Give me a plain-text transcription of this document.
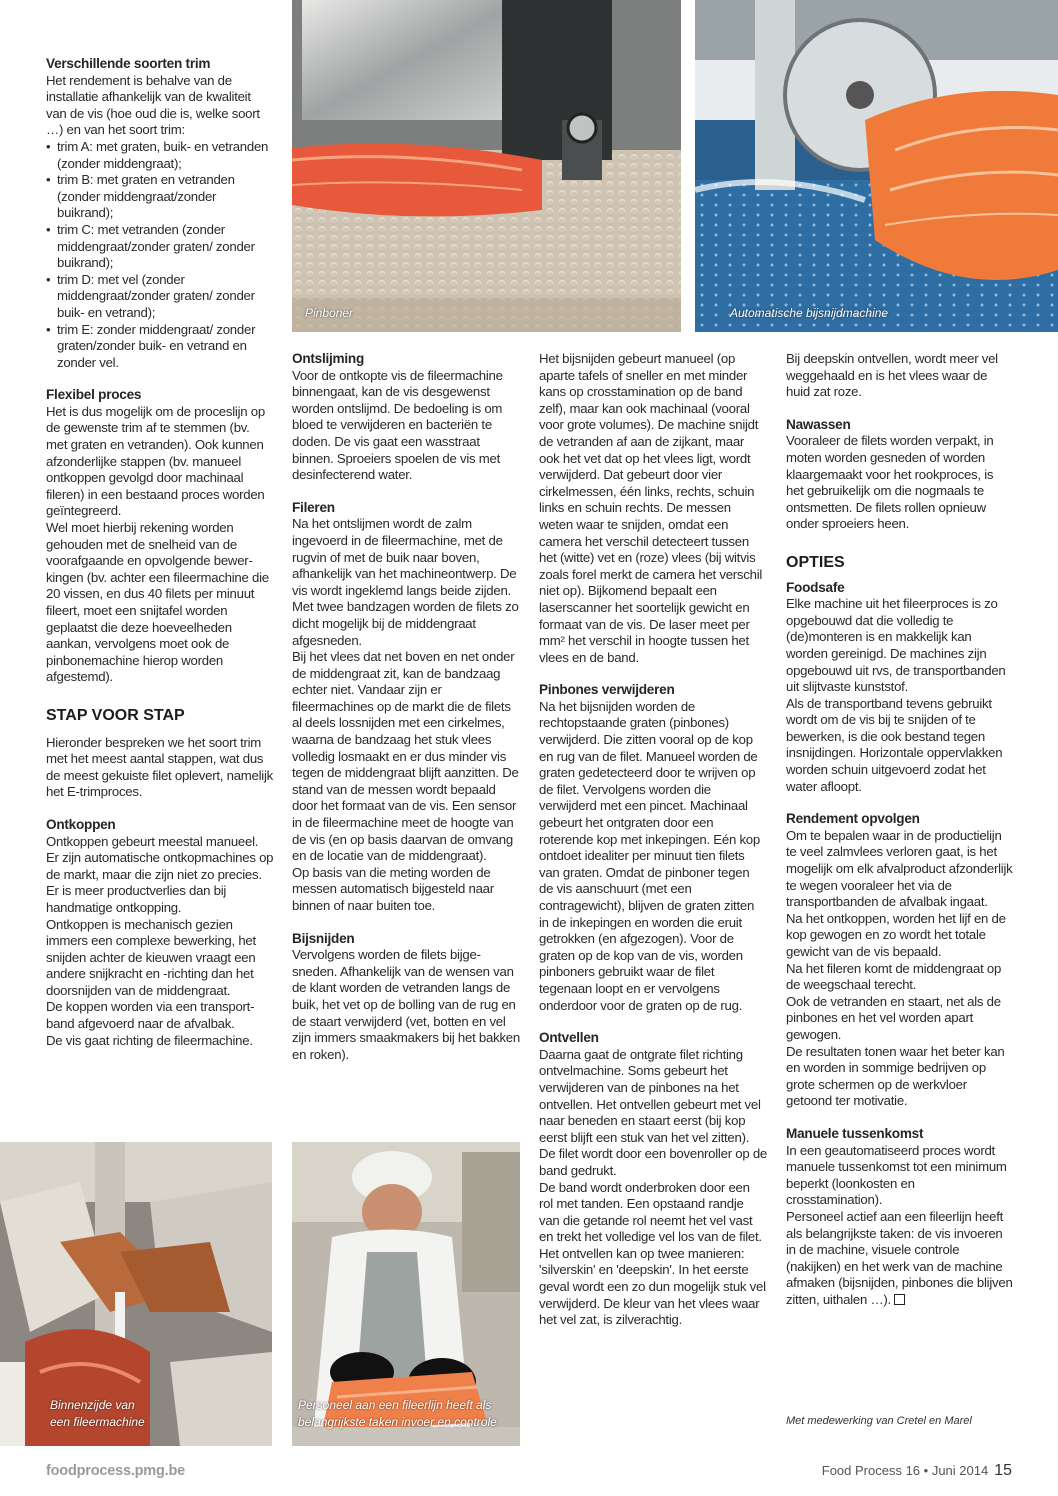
Pinboner	Automatische bijsnijdmachine
Binnenzijde van
een fileermachine
Personeel aan een fileerlijn heeft als
belangrijkste taken invoer en controle
Verschillende soorten trim

Het rendement is behalve van de installatie afhankelijk van de kwaliteit van de vis (hoe oud die is, welke soort …) en van het soort trim:

• trim A: met graten, buik- en vetranden (zonder middengraat);
• trim B: met graten en vetranden (zonder middengraat/zonder buikrand);
• trim C: met vetranden (zonder middengraat/zonder graten/ zonder buikrand);
• trim D: met vel (zonder middengraat/zonder graten/ zonder buik- en vetrand);
• trim E: zonder middengraat/ zonder graten/zonder buik- en vetrand en zonder vel.
Flexibel proces

Het is dus mogelijk om de proceslijn op de gewenste trim af te stemmen (bv. met graten en vetranden). Ook kunnen afzonderlijke stappen (bv. manueel ontkoppen gevolgd door machinaal fileren) in een bestaand proces worden geïntegreerd.

Wel moet hierbij rekening worden gehouden met de snelheid van de voorafgaande en opvolgende bewerkingen (bv. achter een fileermachine die 20 vissen, en dus 40 filets per minuut fileert, moet een snijtafel worden geplaatst die deze hoeveelheden aankan, vervolgens moet ook de pinbonemachine hierop worden afgestemd).

STAP VOOR STAP

Hieronder bespreken we het soort trim met het meest aantal stappen, wat dus de meest gekuiste filet oplevert, namelijk het E-trimproces.

Ontkoppen

Ontkoppen gebeurt meestal manueel. Er zijn automatische ontkopmachines op de markt, maar die zijn niet zo precies.

Er is meer productverlies dan bij handmatige ontkopping.

Ontkoppen is mechanisch gezien immers een complexe bewerking, het snijden achter de kieuwen vraagt een andere snijkracht en -richting dan het doorsnijden van de middengraat.

De koppen worden via een transportband afgevoerd naar de afvalbak.

De vis gaat richting de fileermachine.

Ontslijming

Voor de ontkopte vis de fileermachine binnengaat, kan de vis desgewenst worden ontslijmd. De bedoeling is om bloed te verwijderen en bacteriën te doden. De vis gaat een wasstraat binnen. Sproeiers spoelen de vis met desinfecterend water.

Fileren

Na het ontslijmen wordt de zalm ingevoerd in de fileermachine, met de rugvin of met de buik naar boven, afhankelijk van het machineontwerp. De vis wordt ingeklemd langs beide zijden. Met twee bandzagen worden de filets zo dicht mogelijk bij de middengraat afgesneden.

Bij het vlees dat net boven en net onder de middengraat zit, kan de bandzaag echter niet. Vandaar zijn er fileermachines op de markt die de filets al deels lossnijden met een cirkelmes, waarna de bandzaag het stuk vlees volledig losmaakt en er dus minder vis tegen de middengraat blijft aanzitten. De stand van de messen wordt bepaald door het formaat van de vis. Een sensor in de fileermachine meet de hoogte van de vis (en op basis daarvan de omvang en de locatie van de middengraat).

Op basis van die meting worden de messen automatisch bijgesteld naar binnen of naar buiten toe.

Bijsnijden

Vervolgens worden de filets bijgesneden. Afhankelijk van de wensen van de klant worden de vetranden langs de buik, het vet op de bolling van de rug en de staart verwijderd (vet, botten en vel zijn immers smaakmakers bij het bakken en roken).

Het bijsnijden gebeurt manueel (op aparte tafels of sneller en met minder kans op crosstamination op de band zelf), maar kan ook machinaal (vooral voor grote volumes). De machine snijdt de vetranden af aan de zijkant, maar ook het vet dat op het vlees ligt, wordt verwijderd. Dat gebeurt door vier cirkelmessen, één links, rechts, schuin links en schuin rechts. De messen weten waar te snijden, omdat een camera het verschil detecteert tussen het (witte) vet en (roze) vlees (bij witvis zoals forel merkt de camera het verschil niet op). Bijkomend bepaalt een laserscanner het soortelijk gewicht en formaat van de vis. De laser meet per mm² het verschil in hoogte tussen het vlees en de band.

Pinbones verwijderen

Na het bijsnijden worden de rechtopstaande graten (pinbones) verwijderd. Die zitten vooral op de kop en rug van de filet. Manueel worden de graten gedetecteerd door te wrijven op de filet. Vervolgens worden die verwijderd met een pincet. Machinaal gebeurt het ontgraten door een roterende kop met inkepingen. Eén kop ontdoet idealiter per minuut tien filets van graten. Omdat de pinboner tegen de vis aanschuurt (met een contragewicht), blijven de graten zitten in de inkepingen en worden die eruit getrokken (en afgezogen). Voor de graten op de kop van de vis, worden pinboners gebruikt waar de filet tegenaan loopt en er vervolgens onderdoor voor de graten op de rug.

Ontvellen

Daarna gaat de ontgrate filet richting ontvelmachine. Soms gebeurt het verwijderen van de pinbones na het ontvellen. Het ontvellen gebeurt met vel naar beneden en staart eerst (bij kop eerst blijft een stuk van het vel zitten). De filet wordt door een bovenroller op de band gedrukt.

De band wordt onderbroken door een rol met tanden. Een opstaand randje van die getande rol neemt het vel vast en trekt het volledige vel los van de filet.

Het ontvellen kan op twee manieren: 'silverskin' en 'deepskin'. In het eerste geval wordt een zo dun mogelijk stuk vel verwijderd. De kleur van het vlees waar het vel zat, is zilverachtig.

Bij deepskin ontvellen, wordt meer vel weggehaald en is het vlees waar de huid zat roze.

Nawassen

Vooraleer de filets worden verpakt, in moten worden gesneden of worden klaargemaakt voor het rookproces, is het gebruikelijk om die nogmaals te ontsmetten. De filets rollen opnieuw onder sproeiers heen.

OPTIES
Foodsafe

Elke machine uit het fileerproces is zo opgebouwd dat die volledig te (de)monteren is en makkelijk kan worden gereinigd. De machines zijn opgebouwd uit rvs, de transportbanden uit slijtvaste kunststof.

Als de transportband tevens gebruikt wordt om de vis bij te snijden of te bewerken, is die ook bestand tegen insnijdingen. Horizontale oppervlakken worden schuin uitgevoerd zodat het water afloopt.

Rendement opvolgen

Om te bepalen waar in de productielijn te veel zalmvlees verloren gaat, is het mogelijk om elk afvalproduct afzonderlijk te wegen vooraleer het via de transportbanden de afvalbak ingaat.

Na het ontkoppen, worden het lijf en de kop gewogen en zo wordt het totale gewicht van de vis bepaald.

Na het fileren komt de middengraat op de weegschaal terecht.

Ook de vetranden en staart, net als de pinbones en het vel worden apart gewogen.

De resultaten tonen waar het beter kan en worden in sommige bedrijven op grote schermen op de werkvloer getoond ter motivatie.

Manuele tussenkomst

In een geautomatiseerd proces wordt manuele tussenkomst tot een minimum beperkt (loonkosten en crosstamination).

Personeel actief aan een fileerlijn heeft als belangrijkste taken: de vis invoeren in de machine, visuele controle (nakijken) en het werk van de machine afmaken (bijsnijden, pinbones die blijven zitten, uithalen …).

Met medewerking van Cretel en Marel
foodprocess.pmg.be	Food Process 16 • Juni 2014 15
